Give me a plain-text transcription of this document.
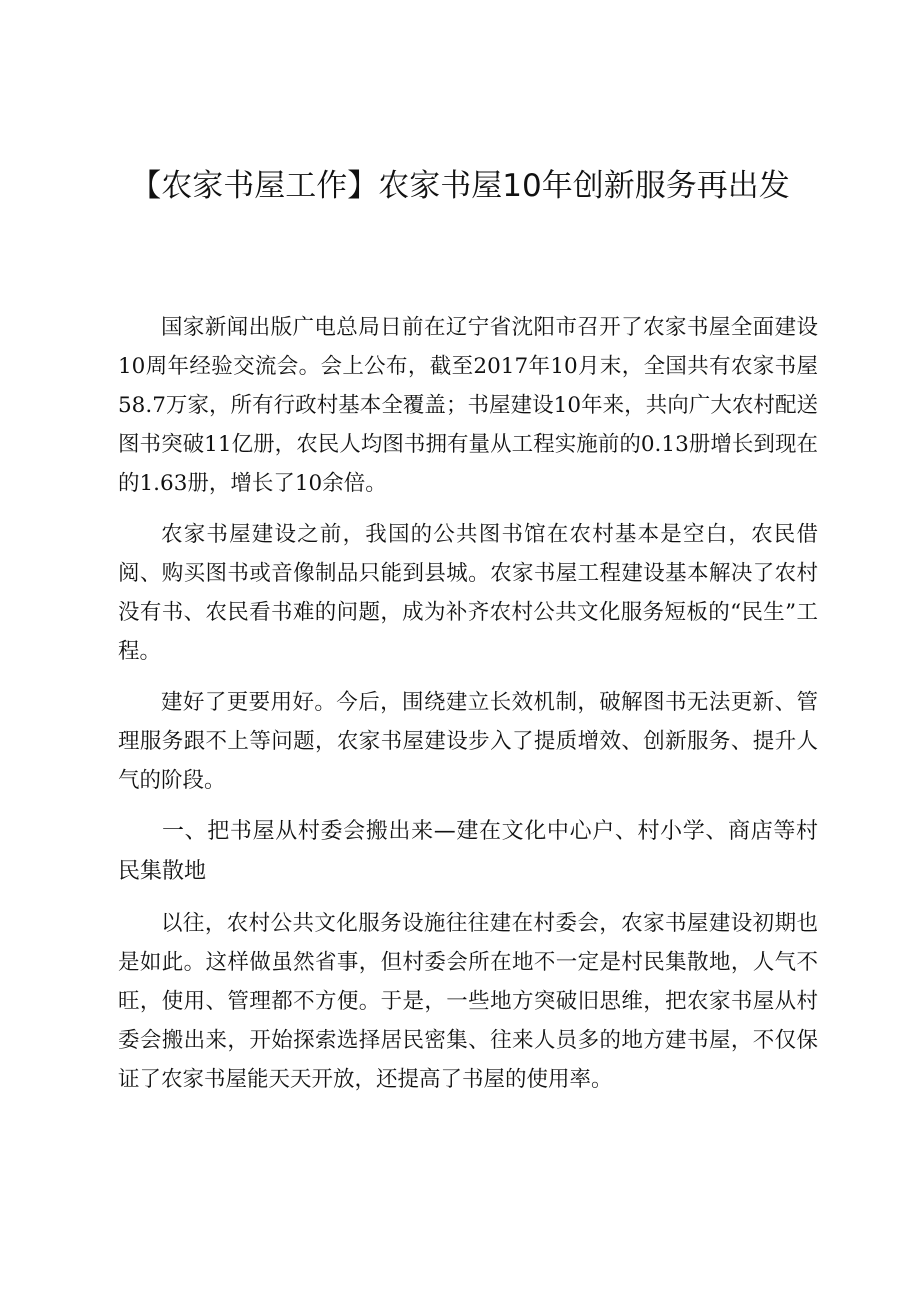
【农家书屋工作】农家书屋10年创新服务再出发

国家新闻出版广电总局日前在辽宁省沈阳市召开了农家书屋全面建设10周年经验交流会。会上公布，截至2017年10月末，全国共有农家书屋58.7万家，所有行政村基本全覆盖；书屋建设10年来，共向广大农村配送图书突破11亿册，农民人均图书拥有量从工程实施前的0.13册增长到现在的1.63册，增长了10余倍。

农家书屋建设之前，我国的公共图书馆在农村基本是空白，农民借阅、购买图书或音像制品只能到县城。农家书屋工程建设基本解决了农村没有书、农民看书难的问题，成为补齐农村公共文化服务短板的“民生”工程。

建好了更要用好。今后，围绕建立长效机制，破解图书无法更新、管理服务跟不上等问题，农家书屋建设步入了提质增效、创新服务、提升人气的阶段。

一、把书屋从村委会搬出来—建在文化中心户、村小学、商店等村民集散地

以往，农村公共文化服务设施往往建在村委会，农家书屋建设初期也是如此。这样做虽然省事，但村委会所在地不一定是村民集散地，人气不旺，使用、管理都不方便。于是，一些地方突破旧思维，把农家书屋从村委会搬出来，开始探索选择居民密集、往来人员多的地方建书屋，不仅保证了农家书屋能天天开放，还提高了书屋的使用率。
